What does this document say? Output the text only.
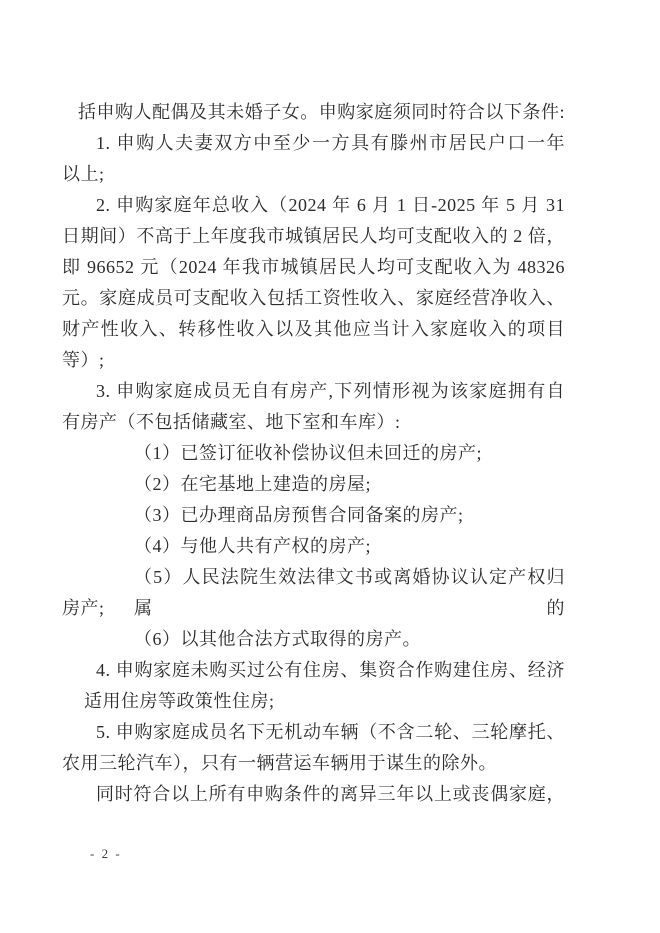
括申购人配偶及其未婚子女。申购家庭须同时符合以下条件:
1. 申购人夫妻双方中至少一方具有滕州市居民户口一年
以上;
2. 申购家庭年总收入（2024 年 6 月 1 日-2025 年 5 月 31
日期间）不高于上年度我市城镇居民人均可支配收入的 2 倍，
即 96652 元（2024 年我市城镇居民人均可支配收入为 48326
元。家庭成员可支配收入包括工资性收入、家庭经营净收入、
财产性收入、转移性收入以及其他应当计入家庭收入的项目
等）;
3. 申购家庭成员无自有房产,下列情形视为该家庭拥有自
有房产（不包括储藏室、地下室和车库）:
（1）已签订征收补偿协议但未回迁的房产;
（2）在宅基地上建造的房屋;
（3）已办理商品房预售合同备案的房产;
（4）与他人共有产权的房产;
（5）人民法院生效法律文书或离婚协议认定产权归属的
房产;
（6）以其他合法方式取得的房产。
4. 申购家庭未购买过公有住房、集资合作购建住房、经济
适用住房等政策性住房;
5. 申购家庭成员名下无机动车辆（不含二轮、三轮摩托、
农用三轮汽车），只有一辆营运车辆用于谋生的除外。
同时符合以上所有申购条件的离异三年以上或丧偶家庭，
- 2 -
